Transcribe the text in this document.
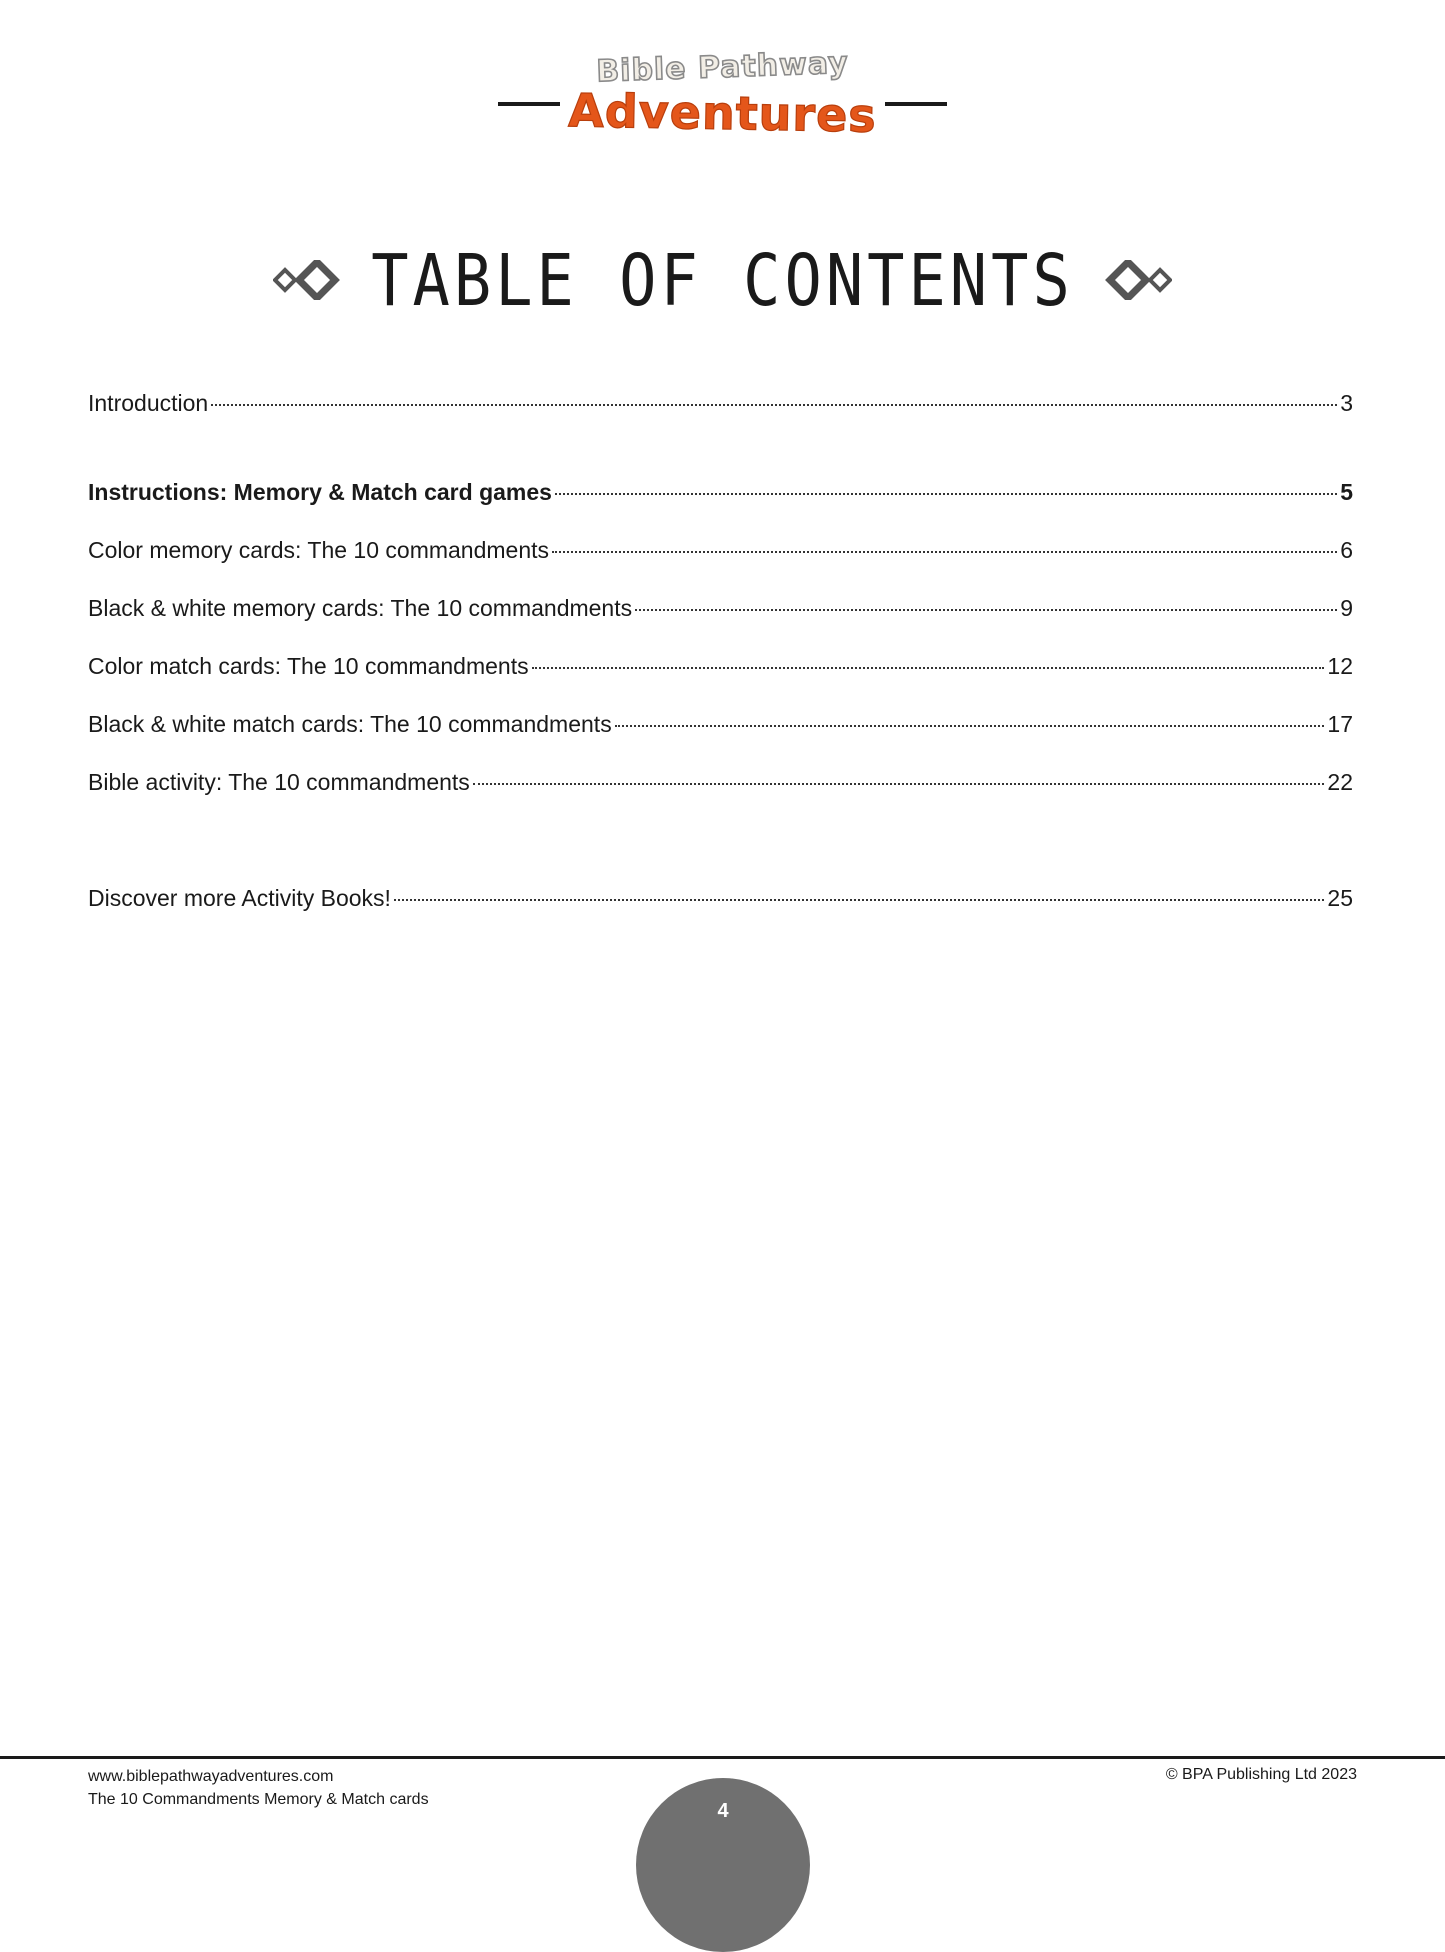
Bible Pathway
Adventures
TABLE OF CONTENTS
Introduction	3
Instructions: Memory & Match card games	5
Color memory cards: The 10 commandments	6
Black & white memory cards: The 10 commandments	9
Color match cards: The 10 commandments	12
Black & white match cards: The 10 commandments	17
Bible activity: The 10 commandments	22
Discover more Activity Books!	25
www.biblepathwayadventures.com
The 10 Commandments Memory & Match cards
© BPA Publishing Ltd 2023
4
